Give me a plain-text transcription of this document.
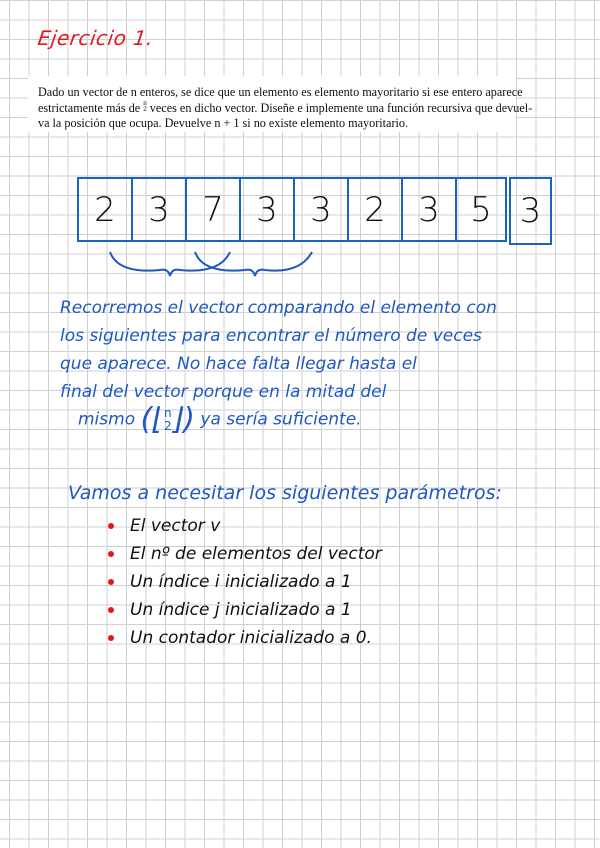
Ejercicio 1.

Dado un vector de n enteros, se dice que un elemento es elemento mayoritario si ese entero aparece

estrictamente más de n
2 veces en dicho vector. Diseñe e implemente una función recursiva que devuel-

va la posición que ocupa. Devuelve n + 1 si no existe elemento mayoritario.

2 3 7 3 3 2 3 5 3
Recorremos el vector comparando el elemento con
los siguientes para encontrar el número de veces
que aparece. No hace falta llegar hasta el
final del vector porque en la mitad del
mismo (⌊n
2⌋) ya sería suficiente.
Vamos a necesitar los siguientes parámetros:
El vector v
El nº de elementos del vector
Un índice i inicializado a 1
Un índice j inicializado a 1
Un contador inicializado a 0.
